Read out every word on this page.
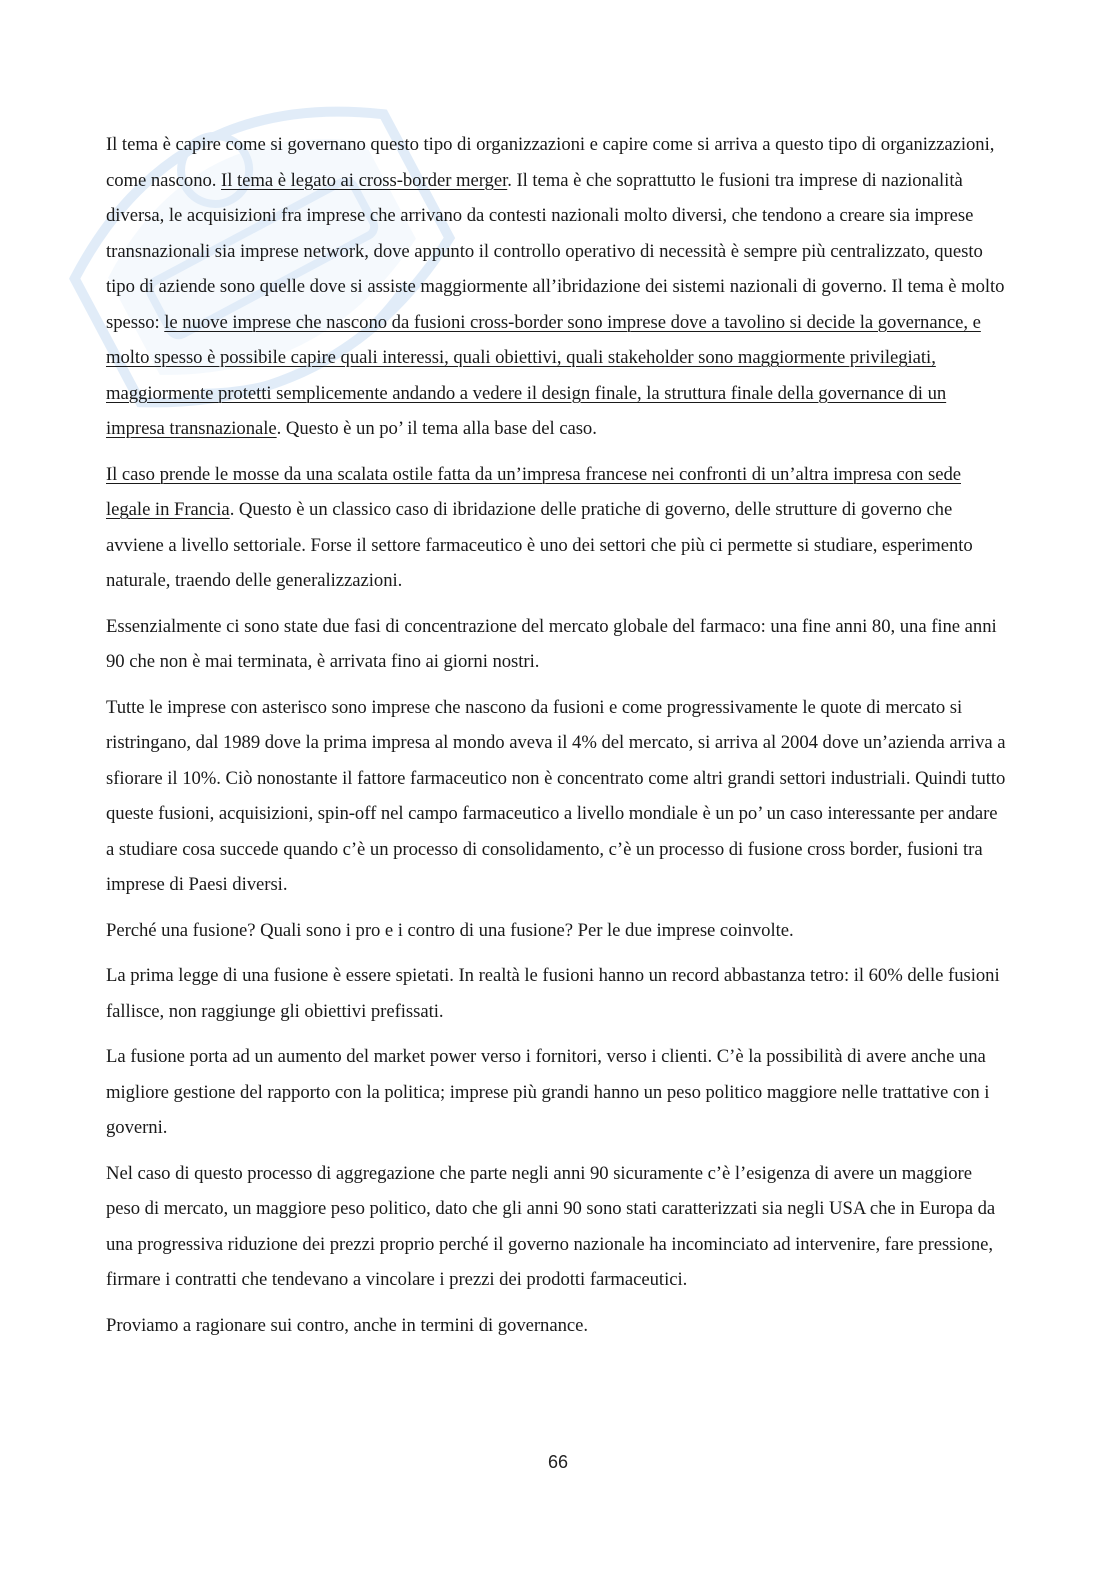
Il tema è capire come si governano questo tipo di organizzazioni e capire come si arriva a questo tipo di organizzazioni, come nascono. Il tema è legato ai cross-border merger. Il tema è che soprattutto le fusioni tra imprese di nazionalità diversa, le acquisizioni fra imprese che arrivano da contesti nazionali molto diversi, che tendono a creare sia imprese transnazionali sia imprese network, dove appunto il controllo operativo di necessità è sempre più centralizzato, questo tipo di aziende sono quelle dove si assiste maggiormente all’ibridazione dei sistemi nazionali di governo. Il tema è molto spesso: le nuove imprese che nascono da fusioni cross-border sono imprese dove a tavolino si decide la governance, e molto spesso è possibile capire quali interessi, quali obiettivi, quali stakeholder sono maggiormente privilegiati, maggiormente protetti semplicemente andando a vedere il design finale, la struttura finale della governance di un impresa transnazionale. Questo è un po’ il tema alla base del caso.

Il caso prende le mosse da una scalata ostile fatta da un’impresa francese nei confronti di un’altra impresa con sede legale in Francia. Questo è un classico caso di ibridazione delle pratiche di governo, delle strutture di governo che avviene a livello settoriale. Forse il settore farmaceutico è uno dei settori che più ci permette si studiare, esperimento naturale, traendo delle generalizzazioni.

Essenzialmente ci sono state due fasi di concentrazione del mercato globale del farmaco: una fine anni 80, una fine anni 90 che non è mai terminata, è arrivata fino ai giorni nostri.

Tutte le imprese con asterisco sono imprese che nascono da fusioni e come progressivamente le quote di mercato si ristringano, dal 1989 dove la prima impresa al mondo aveva il 4% del mercato, si arriva al 2004 dove un’azienda arriva a sfiorare il 10%. Ciò nonostante il fattore farmaceutico non è concentrato come altri grandi settori industriali. Quindi tutto queste fusioni, acquisizioni, spin-off nel campo farmaceutico a livello mondiale è un po’ un caso interessante per andare a studiare cosa succede quando c’è un processo di consolidamento, c’è un processo di fusione cross border, fusioni tra imprese di Paesi diversi.

Perché una fusione? Quali sono i pro e i contro di una fusione? Per le due imprese coinvolte.

La prima legge di una fusione è essere spietati. In realtà le fusioni hanno un record abbastanza tetro: il 60% delle fusioni fallisce, non raggiunge gli obiettivi prefissati.

La fusione porta ad un aumento del market power verso i fornitori, verso i clienti. C’è la possibilità di avere anche una migliore gestione del rapporto con la politica; imprese più grandi hanno un peso politico maggiore nelle trattative con i governi.

Nel caso di questo processo di aggregazione che parte negli anni 90 sicuramente c’è l’esigenza di avere un maggiore peso di mercato, un maggiore peso politico, dato che gli anni 90 sono stati caratterizzati sia negli USA che in Europa da una progressiva riduzione dei prezzi proprio perché il governo nazionale ha incominciato ad intervenire, fare pressione, firmare i contratti che tendevano a vincolare i prezzi dei prodotti farmaceutici.

Proviamo a ragionare sui contro, anche in termini di governance.

66
